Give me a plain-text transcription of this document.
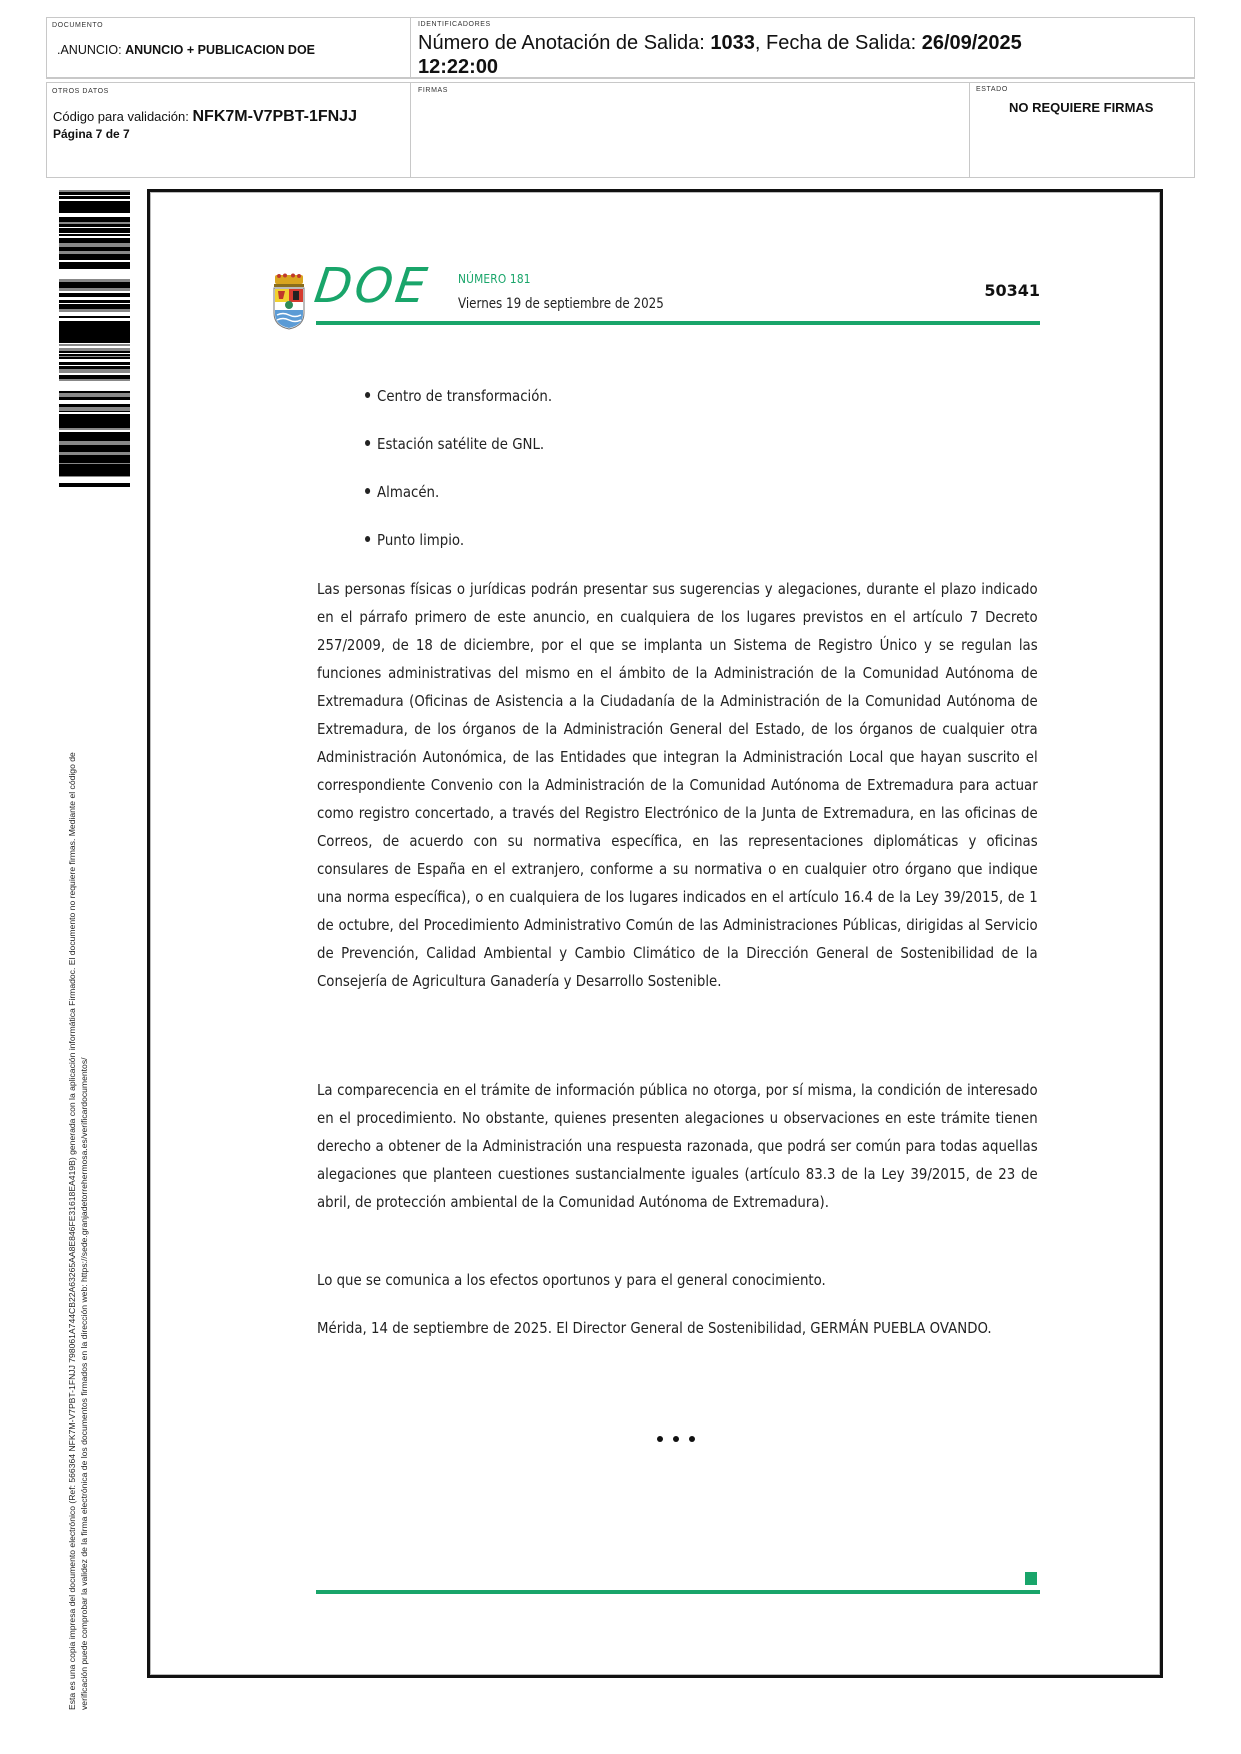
DOCUMENTO
.ANUNCIO: ANUNCIO + PUBLICACION DOE
IDENTIFICADORES
Número de Anotación de Salida: 1033, Fecha de Salida: 26/09/2025
12:22:00
OTROS DATOS
Código para validación: NFK7M-V7PBT-1FNJJ
Página 7 de 7
FIRMAS	ESTADO
NO REQUIERE FIRMAS
Esta es una copia impresa del documento electrónico (Ref: 566364 NFK7M-V7PBT-1FNJJ 798061A744CB22A63265AA8E846FE31618EA419B) generada con la aplicación informática Firmadoc. El documento no requiere firmas. Mediante el código de verificación puede comprobar la validez de la firma electrónica de los documentos firmados en la dirección web: https://sede.granjadetorrehermosa.es/verificardocumentos/
DOE NÚMERO 181
Viernes 19 de septiembre de 2025
50341
Centro de transformación.
Estación satélite de GNL.
Almacén.
Punto limpio.

Las personas físicas o jurídicas podrán presentar sus sugerencias y alegaciones, durante el plazo indicado en el párrafo primero de este anuncio, en cualquiera de los lugares previstos en el artículo 7 Decreto 257/2009, de 18 de diciembre, por el que se implanta un Sistema de Registro Único y se regulan las funciones administrativas del mismo en el ámbito de la Administración de la Comunidad Autónoma de Extremadura (Oficinas de Asistencia a la Ciudadanía de la Administración de la Comunidad Autónoma de Extremadura, de los órganos de la Administración General del Estado, de los órganos de cualquier otra Administración Autonómica, de las Entidades que integran la Administración Local que hayan suscrito el correspondiente Convenio con la Administración de la Comunidad Autónoma de Extremadura para actuar como registro concertado, a través del Registro Electrónico de la Junta de Extremadura, en las oficinas de Correos, de acuerdo con su normativa específica, en las representaciones diplomáticas y oficinas consulares de España en el extranjero, conforme a su normativa o en cualquier otro órgano que indique una norma específica), o en cualquiera de los lugares indicados en el artículo 16.4 de la Ley 39/2015, de 1 de octubre, del Procedimiento Administrativo Común de las Administraciones Públicas, dirigidas al Servicio de Prevención, Calidad Ambiental y Cambio Climático de la Dirección General de Sostenibilidad de la Consejería de Agricultura Ganadería y Desarrollo Sostenible.

La comparecencia en el trámite de información pública no otorga, por sí misma, la condición de interesado en el procedimiento. No obstante, quienes presenten alegaciones u observaciones en este trámite tienen derecho a obtener de la Administración una respuesta razonada, que podrá ser común para todas aquellas alegaciones que planteen cuestiones sustancialmente iguales (artículo 83.3 de la Ley 39/2015, de 23 de abril, de protección ambiental de la Comunidad Autónoma de Extremadura).

Lo que se comunica a los efectos oportunos y para el general conocimiento.

Mérida, 14 de septiembre de 2025. El Director General de Sostenibilidad, GERMÁN PUEBLA OVANDO.
